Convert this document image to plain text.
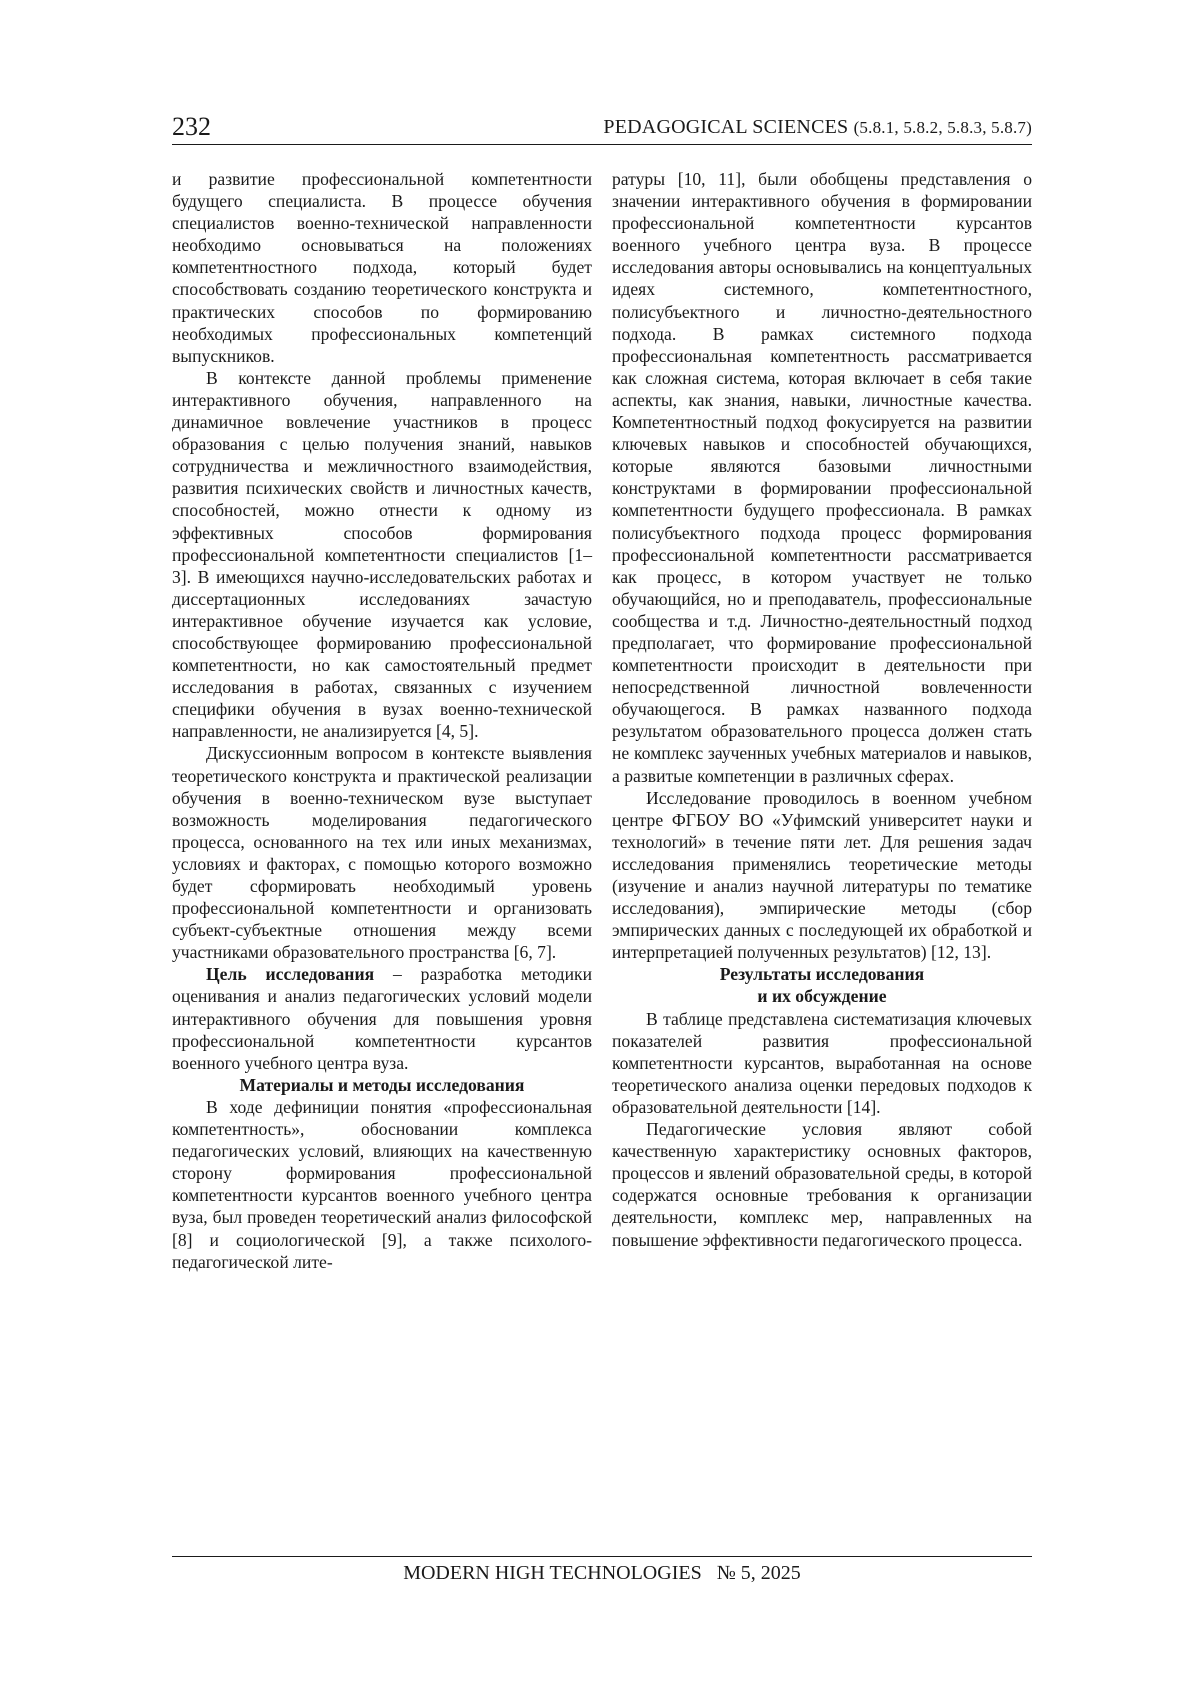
232	PEDAGOGICAL SCIENCES (5.8.1, 5.8.2, 5.8.3, 5.8.7)

и развитие профессиональной компетентности будущего специалиста. В процессе обучения специалистов военно-технической направленности необходимо основываться на положениях компетентностного подхода, который будет способствовать созданию теоретического конструкта и практических способов по формированию необходимых профессиональных компетенций выпускников.

В контексте данной проблемы применение интерактивного обучения, направленного на динамичное вовлечение участников в процесс образования с целью получения знаний, навыков сотрудничества и межличностного взаимодействия, развития психических свойств и личностных качеств, способностей, можно отнести к одному из эффективных способов формирования профессиональной компетентности специалистов [1–3]. В имеющихся научно-исследовательских работах и диссертационных исследованиях зачастую интерактивное обучение изучается как условие, способствующее формированию профессиональной компетентности, но как самостоятельный предмет исследования в работах, связанных с изучением специфики обучения в вузах военно-технической направленности, не анализируется [4, 5].

Дискуссионным вопросом в контексте выявления теоретического конструкта и практической реализации обучения в военно-техническом вузе выступает возможность моделирования педагогического процесса, основанного на тех или иных механизмах, условиях и факторах, с помощью которого возможно будет сформировать необходимый уровень профессиональной компетентности и организовать субъект-субъектные отношения между всеми участниками образовательного пространства [6, 7].

Цель исследования – разработка методики оценивания и анализ педагогических условий модели интерактивного обучения для повышения уровня профессиональной компетентности курсантов военного учебного центра вуза.

Материалы и методы исследования

В ходе дефиниции понятия «профессиональная компетентность», обосновании комплекса педагогических условий, влияющих на качественную сторону формирования профессиональной компетентности курсантов военного учебного центра вуза, был проведен теоретический анализ философской [8] и социологической [9], а также психолого-педагогической лите-

ратуры [10, 11], были обобщены представления о значении интерактивного обучения в формировании профессиональной компетентности курсантов военного учебного центра вуза. В процессе исследования авторы основывались на концептуальных идеях системного, компетентностного, полисубъектного и личностно-деятельностного подхода. В рамках системного подхода профессиональная компетентность рассматривается как сложная система, которая включает в себя такие аспекты, как знания, навыки, личностные качества. Компетентностный подход фокусируется на развитии ключевых навыков и способностей обучающихся, которые являются базовыми личностными конструктами в формировании профессиональной компетентности будущего профессионала. В рамках полисубъектного подхода процесс формирования профессиональной компетентности рассматривается как процесс, в котором участвует не только обучающийся, но и преподаватель, профессиональные сообщества и т.д. Личностно-деятельностный подход предполагает, что формирование профессиональной компетентности происходит в деятельности при непосредственной личностной вовлеченности обучающегося. В рамках названного подхода результатом образовательного процесса должен стать не комплекс заученных учебных материалов и навыков, а развитые компетенции в различных сферах.

Исследование проводилось в военном учебном центре ФГБОУ ВО «Уфимский университет науки и технологий» в течение пяти лет. Для решения задач исследования применялись теоретические методы (изучение и анализ научной литературы по тематике исследования), эмпирические методы (сбор эмпирических данных с последующей их обработкой и интерпретацией полученных результатов) [12, 13].

Результаты исследования
и их обсуждение

В таблице представлена систематизация ключевых показателей развития профессиональной компетентности курсантов, выработанная на основе теоретического анализа оценки передовых подходов к образовательной деятельности [14].

Педагогические условия являют собой качественную характеристику основных факторов, процессов и явлений образовательной среды, в которой содержатся основные требования к организации деятельности, комплекс мер, направленных на повышение эффективности педагогического процесса.

MODERN HIGH TECHNOLOGIES № 5, 2025
